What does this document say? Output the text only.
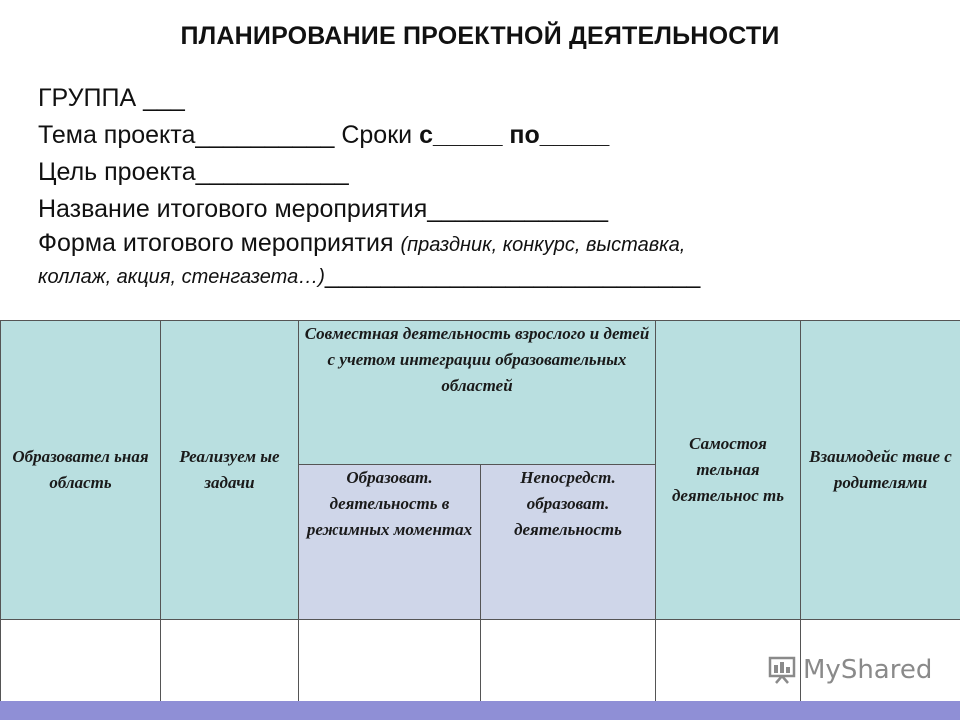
ПЛАНИРОВАНИЕ ПРОЕКТНОЙ ДЕЯТЕЛЬНОСТИ
ГРУППА ___
Тема проекта__________ Сроки с_____ по_____
Цель проекта___________
Название итогового мероприятия_____________
Форма итогового мероприятия (праздник, конкурс, выставка,
коллаж, акция, стенгазета…)___________________________
Образовател ьная область	Реализуем ые задачи	Совместная деятельность взрослого и детей с учетом интеграции образовательных областей		Самостоя тельная деятельнос ть	Взаимодейс твие с родителями
		Образоват. деятельность в режимных моментах	Непосредст. образоват. деятельность		

MyShared
